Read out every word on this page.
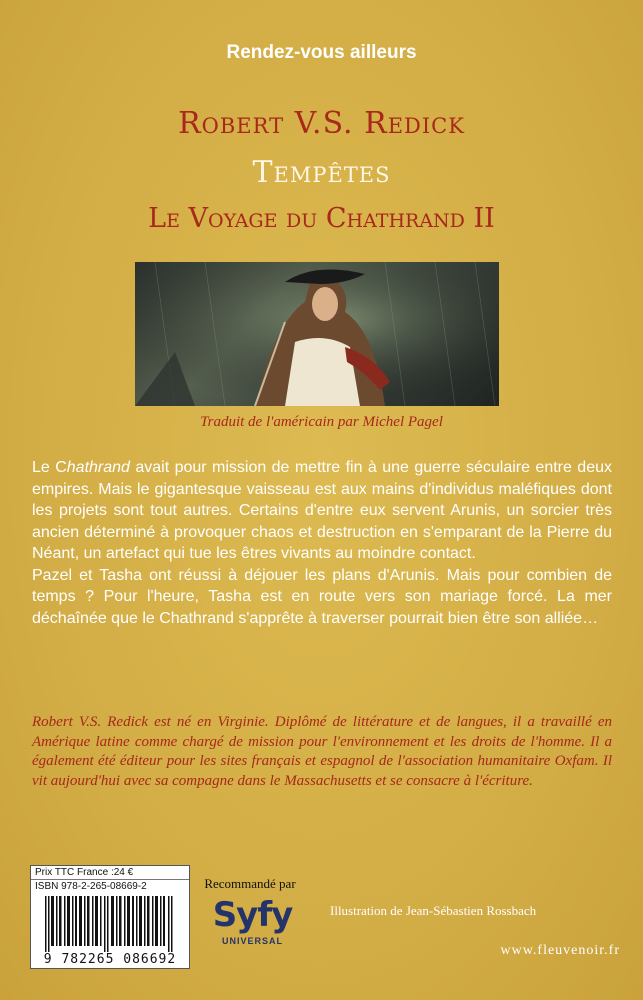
Rendez-vous ailleurs
Robert V.S. Redick
Tempêtes
Le Voyage du Chathrand II
Traduit de l'américain par Michel Pagel

Le Chathrand avait pour mission de mettre fin à une guerre séculaire entre deux empires. Mais le gigantesque vaisseau est aux mains d'individus maléfiques dont les projets sont tout autres. Certains d'entre eux servent Arunis, un sorcier très ancien déterminé à provoquer chaos et destruction en s'emparant de la Pierre du Néant, un artefact qui tue les êtres vivants au moindre contact.

Pazel et Tasha ont réussi à déjouer les plans d'Arunis. Mais pour combien de temps ? Pour l'heure, Tasha est en route vers son mariage forcé. La mer déchaînée que le Chathrand s'apprête à traverser pourrait bien être son alliée…

Robert V.S. Redick est né en Virginie. Diplômé de littérature et de langues, il a travaillé en Amérique latine comme chargé de mission pour l'environnement et les droits de l'homme. Il a également été éditeur pour les sites français et espagnol de l'association humanitaire Oxfam. Il vit aujourd'hui avec sa compagne dans le Massachusetts et se consacre à l'écriture.
Prix TTC France :24 €
ISBN 978-2-265-08669-2
9 782265 086692
Recommandé par
Syfy
UNIVERSAL
Illustration de Jean-Sébastien Rossbach
www.fleuvenoir.fr
